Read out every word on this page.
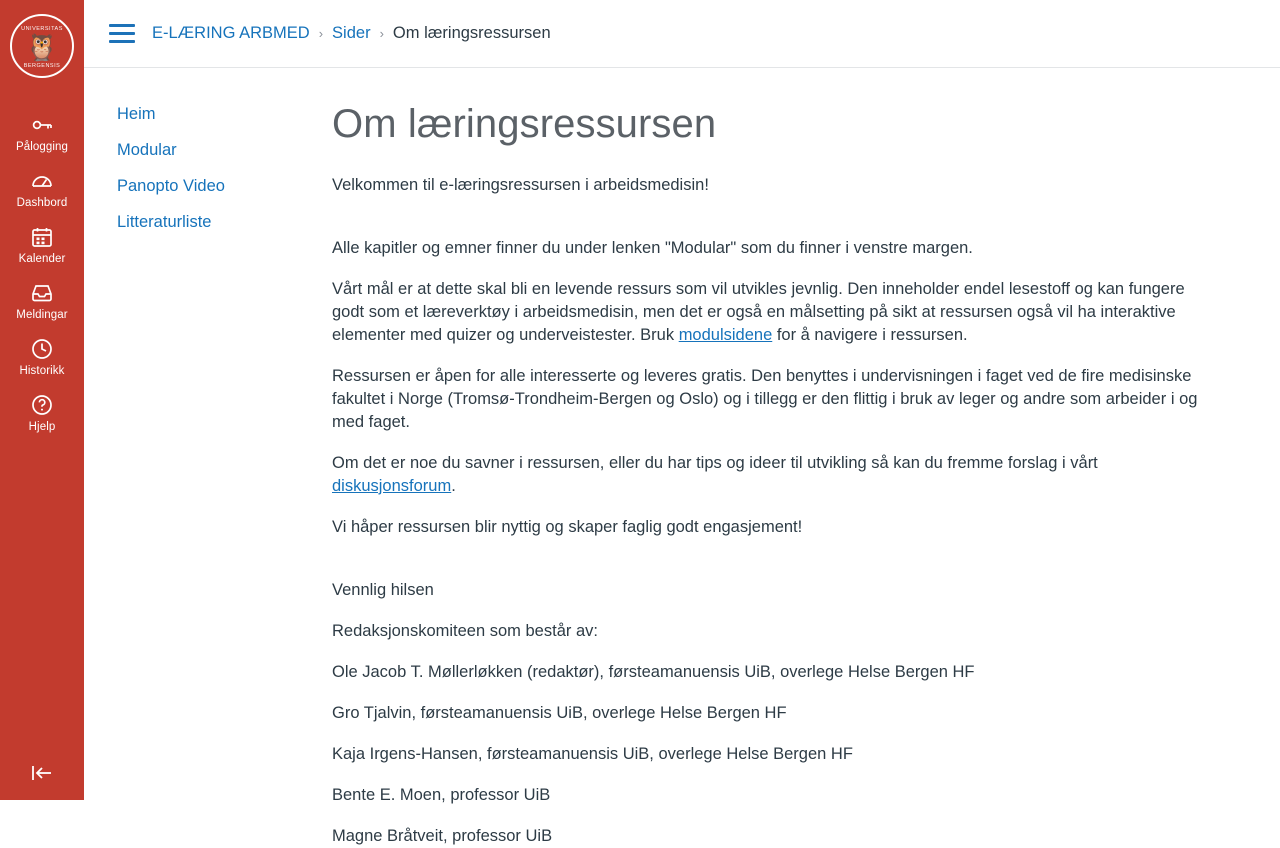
UNIVERSITAS
🦉
BERGENSIS
Pålogging
Dashbord
Kalender
Meldingar
Historikk
Hjelp
E-LÆRING ARBMED › Sider › Om læringsressursen
Heim
Modular
Panopto Video
Litteraturliste
Om læringsressursen

Velkommen til e-læringsressursen i arbeidsmedisin!

Alle kapitler og emner finner du under lenken "Modular" som du finner i venstre margen.

Vårt mål er at dette skal bli en levende ressurs som vil utvikles jevnlig. Den inneholder endel lesestoff og kan fungere godt som et læreverktøy i arbeidsmedisin, men det er også en målsetting på sikt at ressursen også vil ha interaktive elementer med quizer og underveistester. Bruk modulsidene for å navigere i ressursen.

Ressursen er åpen for alle interesserte og leveres gratis. Den benyttes i undervisningen i faget ved de fire medisinske fakultet i Norge (Tromsø-Trondheim-Bergen og Oslo) og i tillegg er den flittig i bruk av leger og andre som arbeider i og med faget.

Om det er noe du savner i ressursen, eller du har tips og ideer til utvikling så kan du fremme forslag i vårt diskusjonsforum.

Vi håper ressursen blir nyttig og skaper faglig godt engasjement!

Vennlig hilsen

Redaksjonskomiteen som består av:

Ole Jacob T. Møllerløkken (redaktør), førsteamanuensis UiB, overlege Helse Bergen HF

Gro Tjalvin, førsteamanuensis UiB, overlege Helse Bergen HF

Kaja Irgens-Hansen, førsteamanuensis UiB, overlege Helse Bergen HF

Bente E. Moen, professor UiB

Magne Bråtveit, professor UiB
